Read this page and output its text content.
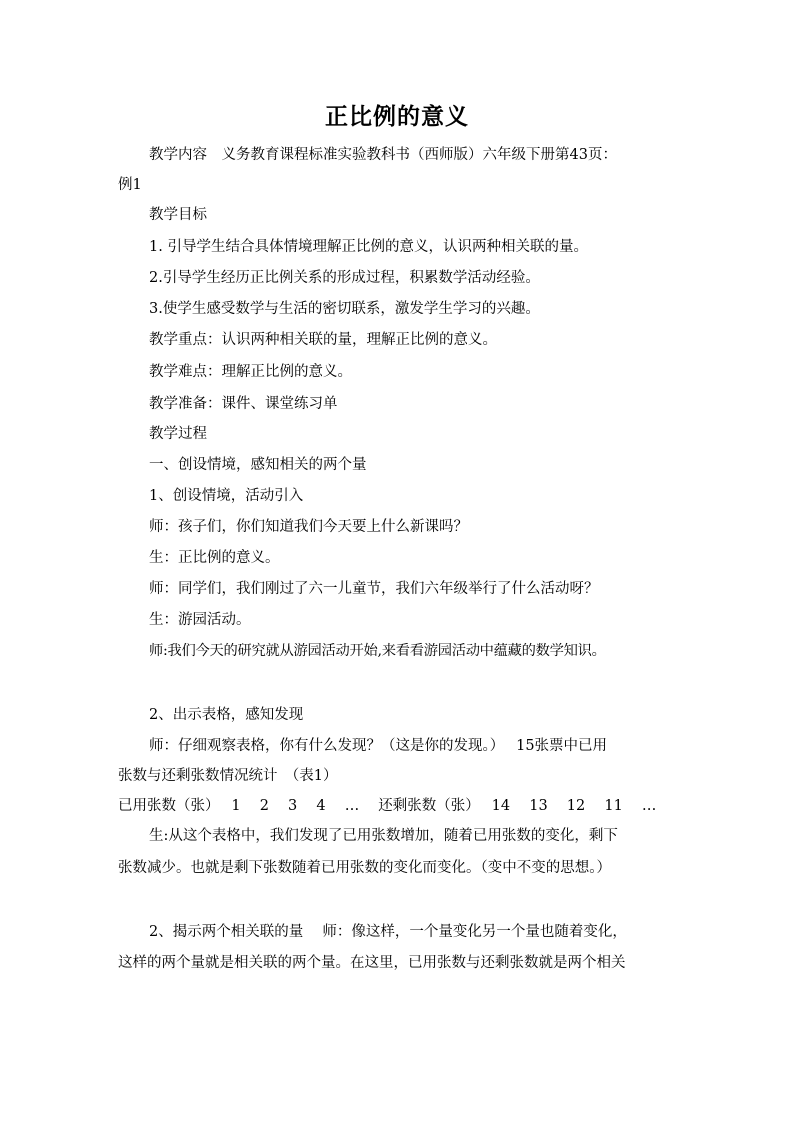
正比例的意义
教学内容　义务教育课程标准实验教科书（西师版）六年级下册第43页：
例1
教学目标
1. 引导学生结合具体情境理解正比例的意义，认识两种相关联的量。
2.引导学生经历正比例关系的形成过程，积累数学活动经验。
3.使学生感受数学与生活的密切联系，激发学生学习的兴趣。
教学重点：认识两种相关联的量，理解正比例的意义。
教学难点：理解正比例的意义。
教学准备：课件、课堂练习单
教学过程
一、创设情境，感知相关的两个量
1、创设情境，活动引入
师：孩子们，你们知道我们今天要上什么新课吗？
生：正比例的意义。
师：同学们，我们刚过了六一儿童节，我们六年级举行了什么活动呀？
生：游园活动。
师:我们今天的研究就从游园活动开始,来看看游园活动中蕴藏的数学知识。
2、出示表格，感知发现
师：仔细观察表格，你有什么发现？（这是你的发现。）　 15张票中已用
张数与还剩张数情况统计　（表1）
已用张数（张）　 1　 2　 3　 4　 …　 还剩张数（张）　 14　 13　 12　 11　 …
生:从这个表格中，我们发现了已用张数增加，随着已用张数的变化，剩下
张数减少。也就是剩下张数随着已用张数的变化而变化。（变中不变的思想。）
2、揭示两个相关联的量　 师：像这样，一个量变化另一个量也随着变化，
这样的两个量就是相关联的两个量。在这里，已用张数与还剩张数就是两个相关
